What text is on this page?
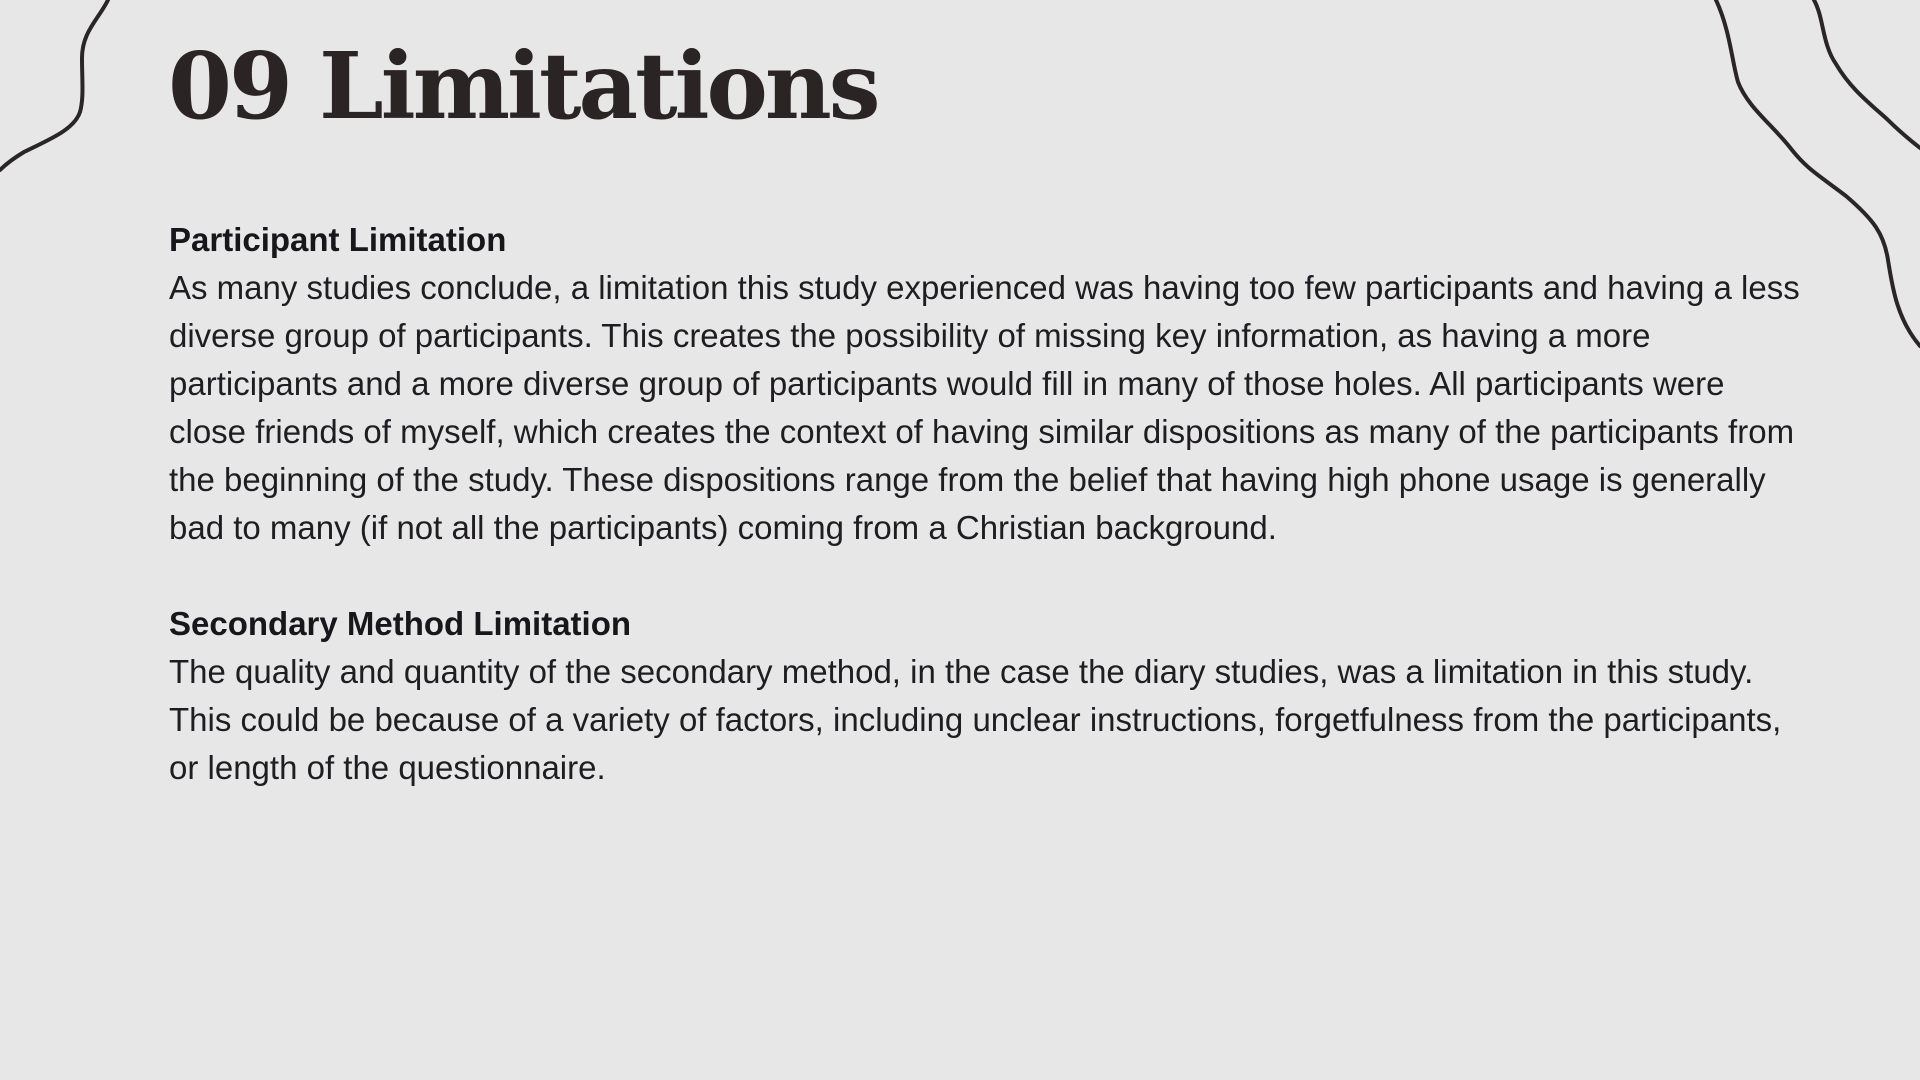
09 Limitations
Participant Limitation

As many studies conclude, a limitation this study experienced was having too few participants and having a less diverse group of participants. This creates the possibility of missing key information, as having a more participants and a more diverse group of participants would fill in many of those holes. All participants were close friends of myself, which creates the context of having similar dispositions as many of the participants from the beginning of the study. These dispositions range from the belief that having high phone usage is generally bad to many (if not all the participants) coming from a Christian background.

Secondary Method Limitation

The quality and quantity of the secondary method, in the case the diary studies, was a limitation in this study. This could be because of a variety of factors, including unclear instructions, forgetfulness from the participants, or length of the questionnaire.
